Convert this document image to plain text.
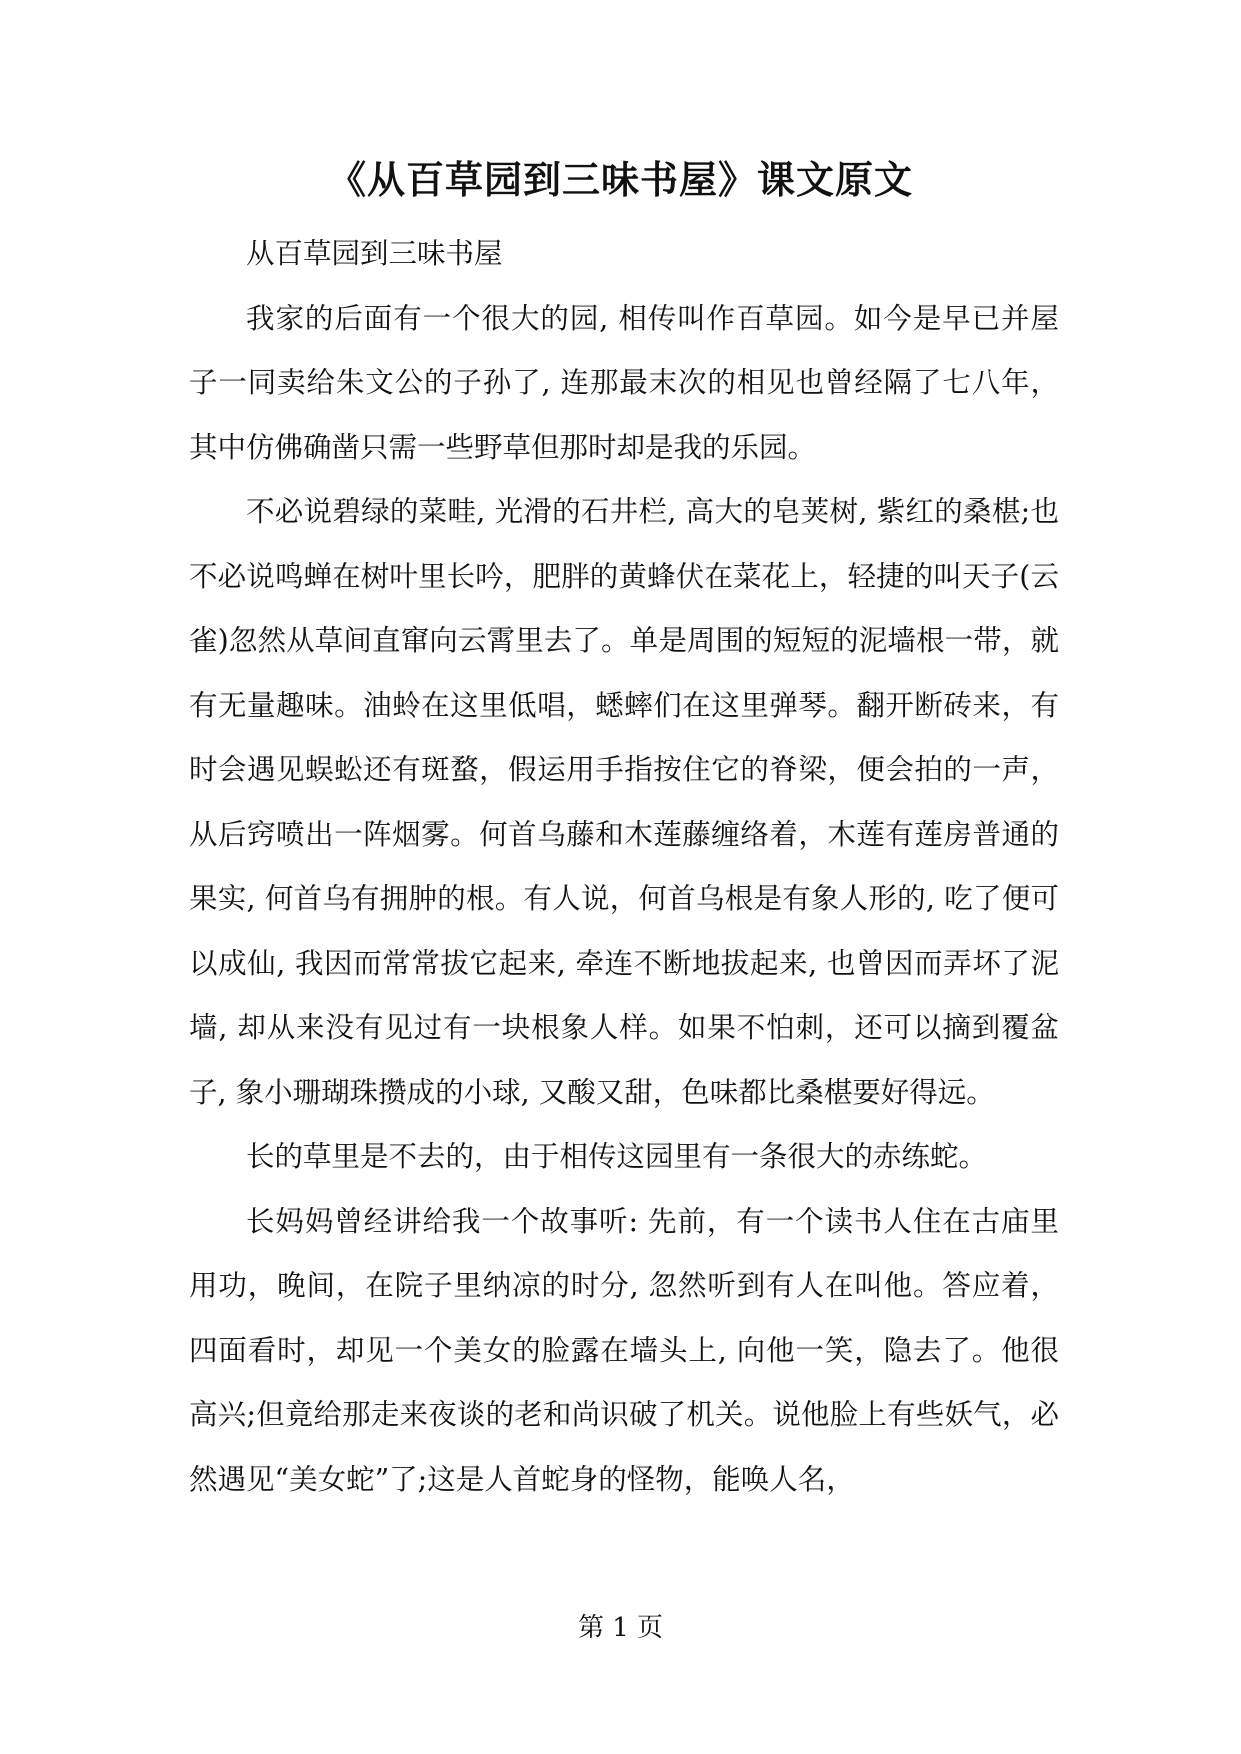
《从百草园到三味书屋》课文原文

从百草园到三味书屋

我家的后面有一个很大的园, 相传叫作百草园。如今是早已并屋子一同卖给朱文公的子孙了, 连那最末次的相见也曾经隔了七八年，其中仿佛确凿只需一些野草但那时却是我的乐园。

不必说碧绿的菜畦, 光滑的石井栏, 高大的皂荚树, 紫红的桑椹;也不必说鸣蝉在树叶里长吟，肥胖的黄蜂伏在菜花上，轻捷的叫天子(云雀)忽然从草间直窜向云霄里去了。单是周围的短短的泥墙根一带，就有无量趣味。油蛉在这里低唱，蟋蟀们在这里弹琴。翻开断砖来，有时会遇见蜈蚣还有斑蝥，假运用手指按住它的脊梁，便会拍的一声，从后窍喷出一阵烟雾。何首乌藤和木莲藤缠络着，木莲有莲房普通的果实, 何首乌有拥肿的根。有人说，何首乌根是有象人形的, 吃了便可以成仙, 我因而常常拔它起来, 牵连不断地拔起来, 也曾因而弄坏了泥墙, 却从来没有见过有一块根象人样。如果不怕刺，还可以摘到覆盆子, 象小珊瑚珠攒成的小球, 又酸又甜，色味都比桑椹要好得远。

长的草里是不去的，由于相传这园里有一条很大的赤练蛇。

长妈妈曾经讲给我一个故事听: 先前，有一个读书人住在古庙里用功，晚间，在院子里纳凉的时分, 忽然听到有人在叫他。答应着，四面看时，却见一个美女的脸露在墙头上, 向他一笑，隐去了。他很高兴;但竟给那走来夜谈的老和尚识破了机关。说他脸上有些妖气，必然遇见“美女蛇”了;这是人首蛇身的怪物，能唤人名，

第 1 页
